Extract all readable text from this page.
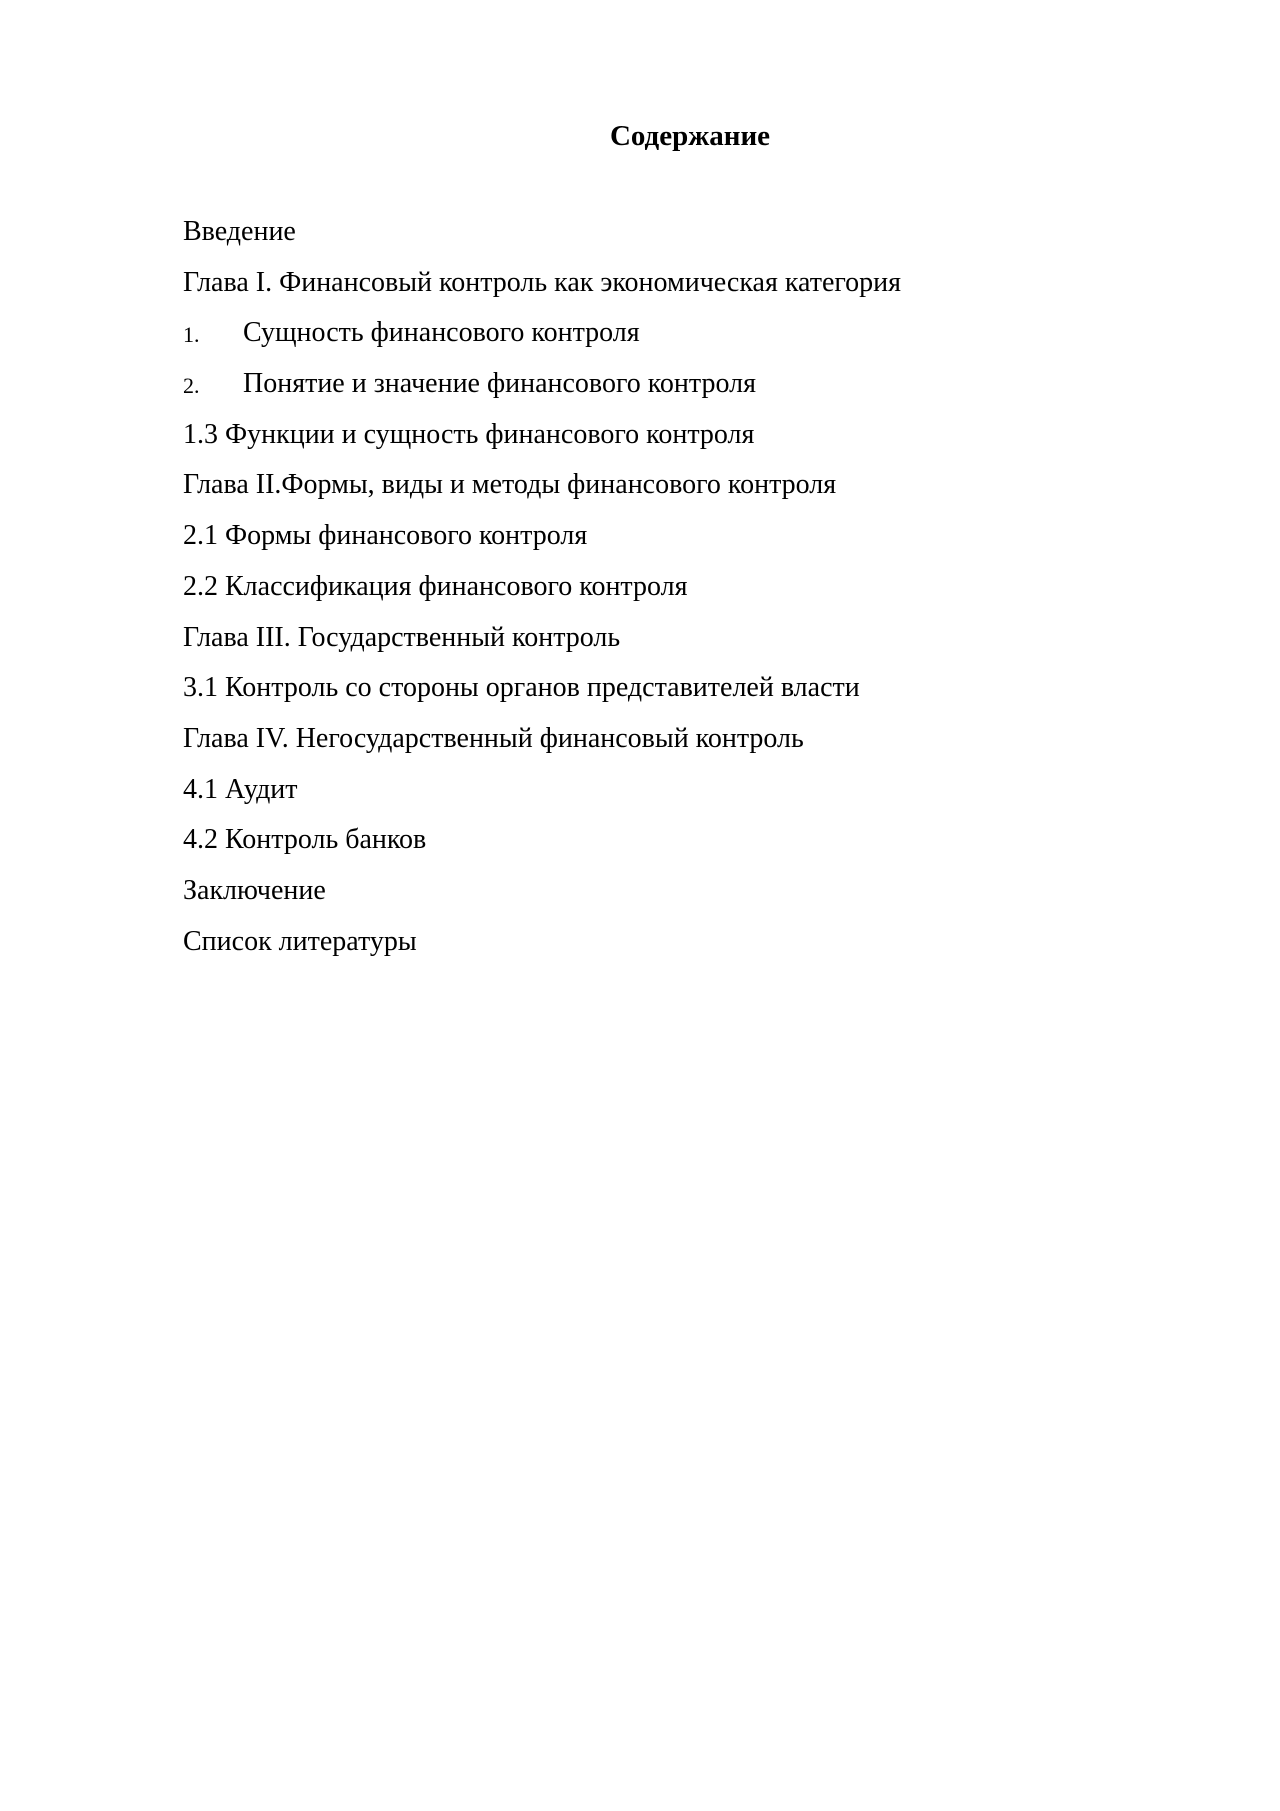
Содержание
Введение
Глава I. Финансовый контроль как экономическая категория
1.	Сущность финансового контроля
2.	Понятие и значение финансового контроля
1.3 Функции и сущность финансового контроля
Глава II.Формы, виды и методы финансового контроля
2.1 Формы финансового контроля
2.2 Классификация финансового контроля
Глава III. Государственный контроль
3.1 Контроль со стороны органов представителей власти
Глава IV. Негосударственный финансовый контроль
4.1 Аудит
4.2 Контроль банков
Заключение
Список литературы
